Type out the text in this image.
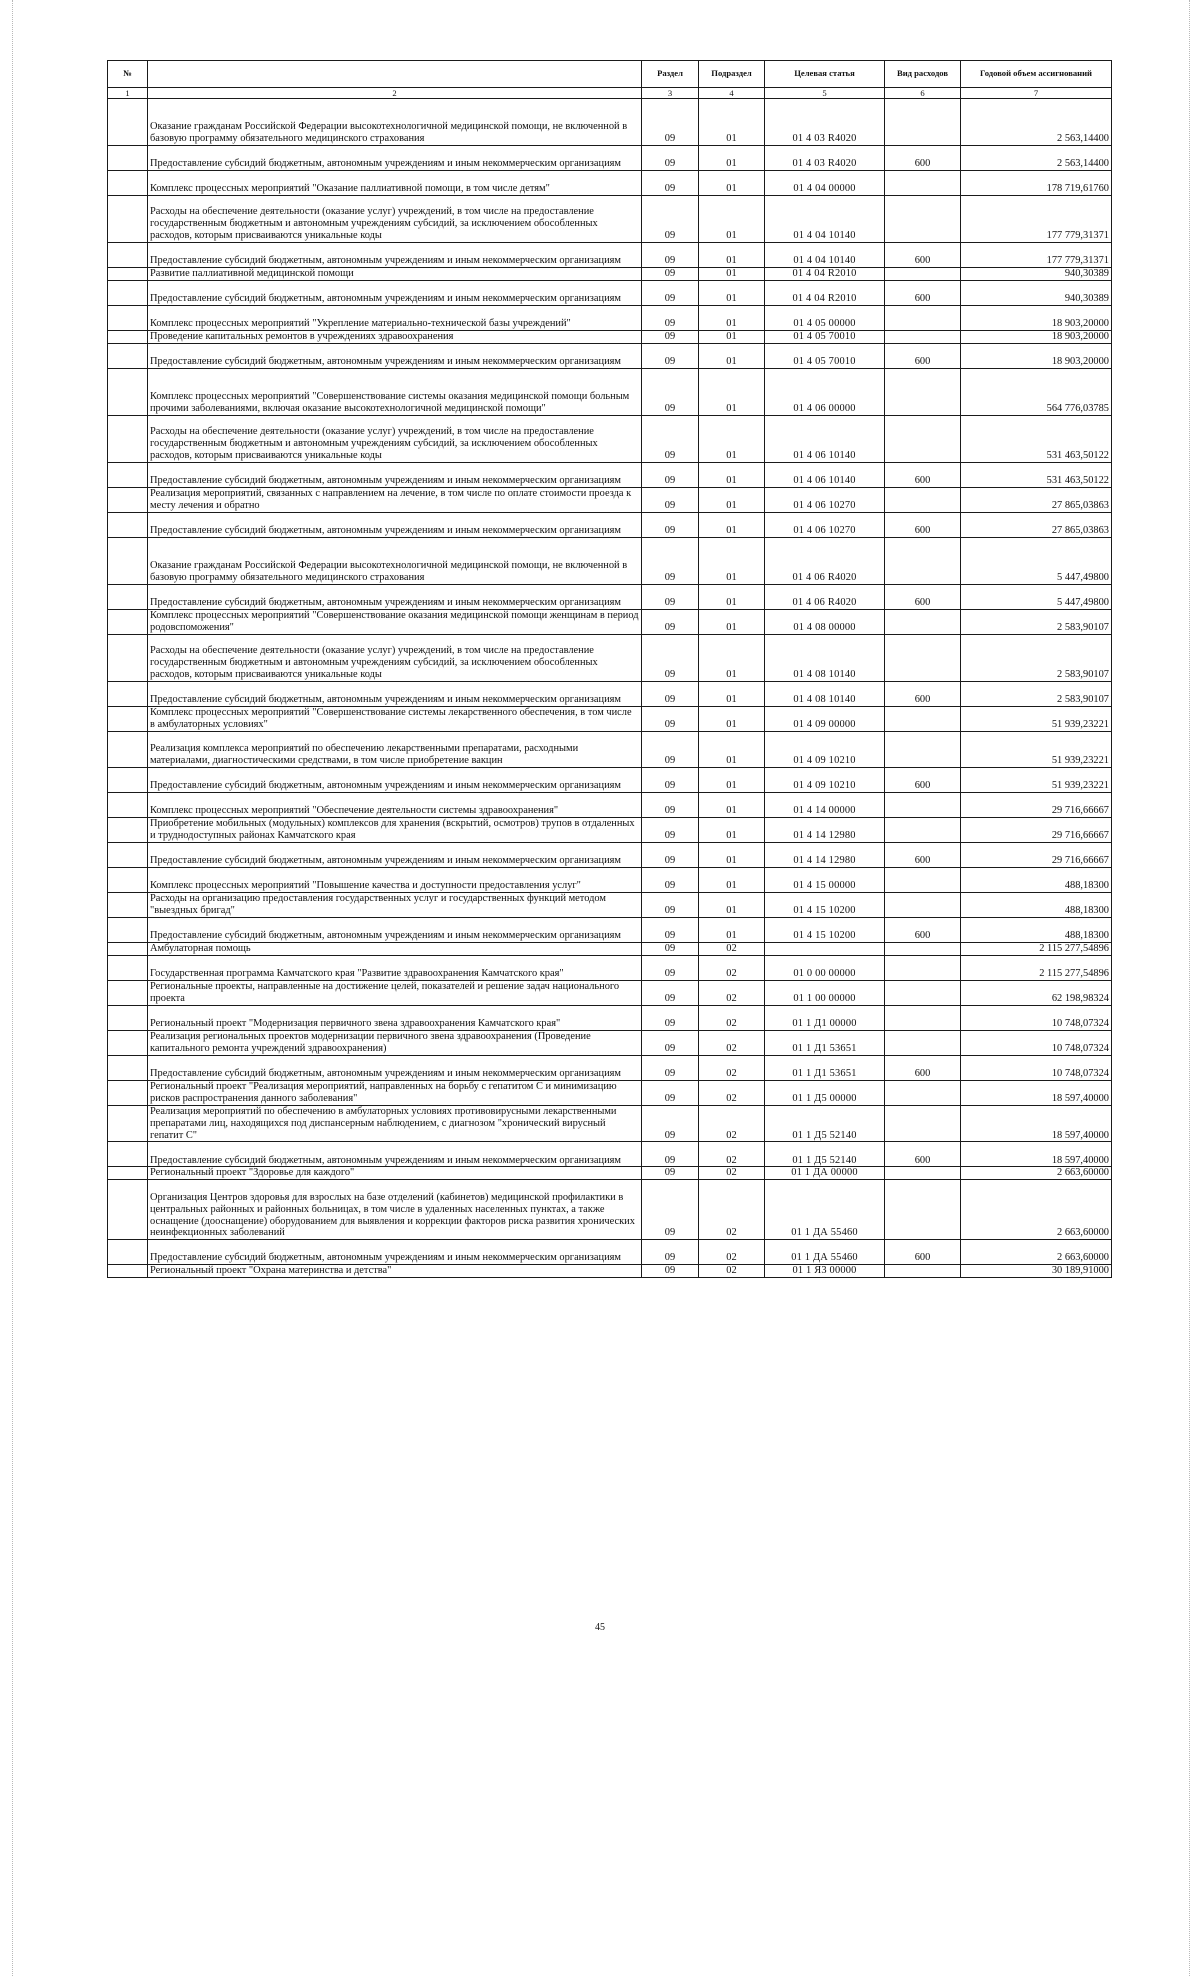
№		Раздел	Подраздел	Целевая статья	Вид расходов	Годовой объем ассигнований
1	2	3	4	5	6	7
	Оказание гражданам Российской Федерации высокотехнологичной медицинской помощи, не включенной в базовую программу обязательного медицинского страхования	09	01	01 4 03 R4020		2 563,14400
	Предоставление субсидий бюджетным, автономным учреждениям и иным некоммерческим организациям	09	01	01 4 03 R4020	600	2 563,14400
	Комплекс процессных мероприятий "Оказание паллиативной помощи, в том числе детям"	09	01	01 4 04 00000		178 719,61760
	Расходы на обеспечение деятельности (оказание услуг) учреждений, в том числе на предоставление государственным бюджетным и автономным учреждениям субсидий, за исключением обособленных расходов, которым присваиваются уникальные коды	09	01	01 4 04 10140		177 779,31371
	Предоставление субсидий бюджетным, автономным учреждениям и иным некоммерческим организациям	09	01	01 4 04 10140	600	177 779,31371
	Развитие паллиативной медицинской помощи	09	01	01 4 04 R2010		940,30389
	Предоставление субсидий бюджетным, автономным учреждениям и иным некоммерческим организациям	09	01	01 4 04 R2010	600	940,30389
	Комплекс процессных мероприятий "Укрепление материально-технической базы учреждений"	09	01	01 4 05 00000		18 903,20000
	Проведение капитальных ремонтов в учреждениях здравоохранения	09	01	01 4 05 70010		18 903,20000
	Предоставление субсидий бюджетным, автономным учреждениям и иным некоммерческим организациям	09	01	01 4 05 70010	600	18 903,20000
	Комплекс процессных мероприятий "Совершенствование системы оказания медицинской помощи больным прочими заболеваниями, включая оказание высокотехнологичной медицинской помощи"	09	01	01 4 06 00000		564 776,03785
	Расходы на обеспечение деятельности (оказание услуг) учреждений, в том числе на предоставление государственным бюджетным и автономным учреждениям субсидий, за исключением обособленных расходов, которым присваиваются уникальные коды	09	01	01 4 06 10140		531 463,50122
	Предоставление субсидий бюджетным, автономным учреждениям и иным некоммерческим организациям	09	01	01 4 06 10140	600	531 463,50122
	Реализация мероприятий, связанных с направлением на лечение, в том числе по оплате стоимости проезда к месту лечения и обратно	09	01	01 4 06 10270		27 865,03863
	Предоставление субсидий бюджетным, автономным учреждениям и иным некоммерческим организациям	09	01	01 4 06 10270	600	27 865,03863
	Оказание гражданам Российской Федерации высокотехнологичной медицинской помощи, не включенной в базовую программу обязательного медицинского страхования	09	01	01 4 06 R4020		5 447,49800
	Предоставление субсидий бюджетным, автономным учреждениям и иным некоммерческим организациям	09	01	01 4 06 R4020	600	5 447,49800
	Комплекс процессных мероприятий "Совершенствование оказания медицинской помощи женщинам в период родовспоможения"	09	01	01 4 08 00000		2 583,90107
	Расходы на обеспечение деятельности (оказание услуг) учреждений, в том числе на предоставление государственным бюджетным и автономным учреждениям субсидий, за исключением обособленных расходов, которым присваиваются уникальные коды	09	01	01 4 08 10140		2 583,90107
	Предоставление субсидий бюджетным, автономным учреждениям и иным некоммерческим организациям	09	01	01 4 08 10140	600	2 583,90107
	Комплекс процессных мероприятий "Совершенствование системы лекарственного обеспечения, в том числе в амбулаторных условиях"	09	01	01 4 09 00000		51 939,23221
	Реализация комплекса мероприятий по обеспечению лекарственными препаратами, расходными материалами, диагностическими средствами, в том числе приобретение вакцин	09	01	01 4 09 10210		51 939,23221
	Предоставление субсидий бюджетным, автономным учреждениям и иным некоммерческим организациям	09	01	01 4 09 10210	600	51 939,23221
	Комплекс процессных мероприятий "Обеспечение деятельности системы здравоохранения"	09	01	01 4 14 00000		29 716,66667
	Приобретение мобильных (модульных) комплексов для хранения (вскрытий, осмотров) трупов в отдаленных и труднодоступных районах Камчатского края	09	01	01 4 14 12980		29 716,66667
	Предоставление субсидий бюджетным, автономным учреждениям и иным некоммерческим организациям	09	01	01 4 14 12980	600	29 716,66667
	Комплекс процессных мероприятий "Повышение качества и доступности предоставления услуг"	09	01	01 4 15 00000		488,18300
	Расходы на организацию предоставления государственных услуг и государственных функций методом "выездных бригад"	09	01	01 4 15 10200		488,18300
	Предоставление субсидий бюджетным, автономным учреждениям и иным некоммерческим организациям	09	01	01 4 15 10200	600	488,18300
	Амбулаторная помощь	09	02			2 115 277,54896
	Государственная программа Камчатского края "Развитие здравоохранения Камчатского края"	09	02	01 0 00 00000		2 115 277,54896
	Региональные проекты, направленные на достижение целей, показателей и решение задач национального проекта	09	02	01 1 00 00000		62 198,98324
	Региональный проект "Модернизация первичного звена здравоохранения Камчатского края"	09	02	01 1 Д1 00000		10 748,07324
	Реализация региональных проектов модернизации первичного звена здравоохранения (Проведение капитального ремонта учреждений здравоохранения)	09	02	01 1 Д1 53651		10 748,07324
	Предоставление субсидий бюджетным, автономным учреждениям и иным некоммерческим организациям	09	02	01 1 Д1 53651	600	10 748,07324
	Региональный проект "Реализация мероприятий, направленных на борьбу с гепатитом С и минимизацию рисков распространения данного заболевания"	09	02	01 1 Д5 00000		18 597,40000
	Реализация мероприятий по обеспечению в амбулаторных условиях противовирусными лекарственными препаратами лиц, находящихся под диспансерным наблюдением, с диагнозом "хронический вирусный гепатит С"	09	02	01 1 Д5 52140		18 597,40000
	Предоставление субсидий бюджетным, автономным учреждениям и иным некоммерческим организациям	09	02	01 1 Д5 52140	600	18 597,40000
	Региональный проект "Здоровье для каждого"	09	02	01 1 ДА 00000		2 663,60000
	Организация Центров здоровья для взрослых на базе отделений (кабинетов) медицинской профилактики в центральных районных и районных больницах, в том числе в удаленных населенных пунктах, а также оснащение (дооснащение) оборудованием для выявления и коррекции факторов риска развития хронических неинфекционных заболеваний	09	02	01 1 ДА 55460		2 663,60000
	Предоставление субсидий бюджетным, автономным учреждениям и иным некоммерческим организациям	09	02	01 1 ДА 55460	600	2 663,60000
	Региональный проект "Охрана материнства и детства"	09	02	01 1 Я3 00000		30 189,91000
45
